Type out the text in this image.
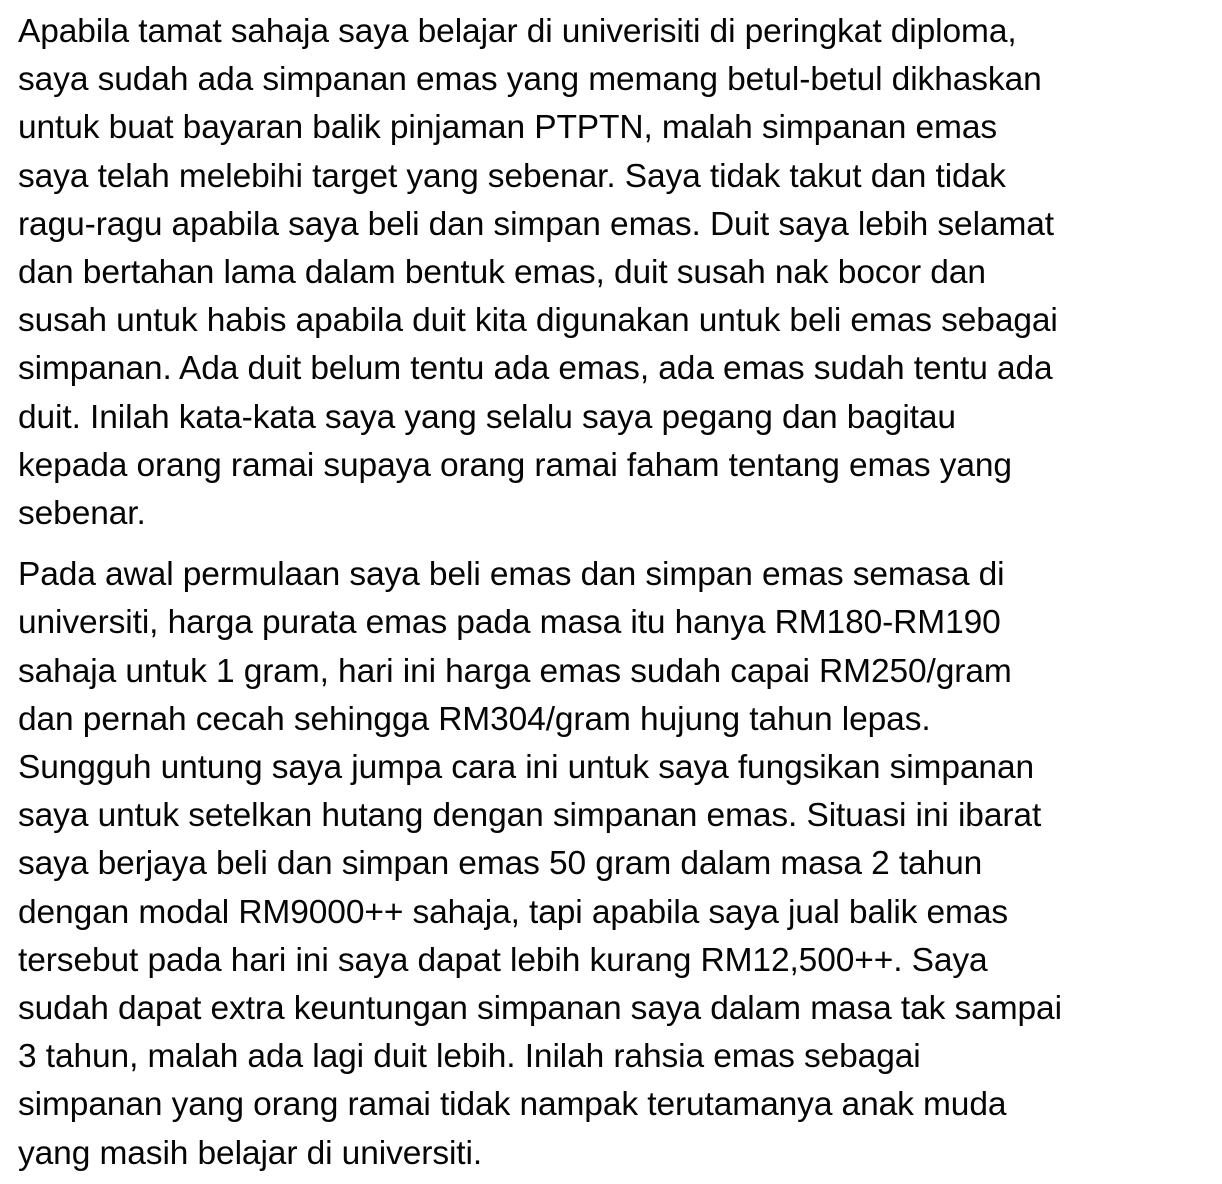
Apabila tamat sahaja saya belajar di univerisiti di peringkat diploma,
saya sudah ada simpanan emas yang memang betul-betul dikhaskan
untuk buat bayaran balik pinjaman PTPTN, malah simpanan emas
saya telah melebihi target yang sebenar. Saya tidak takut dan tidak
ragu-ragu apabila saya beli dan simpan emas. Duit saya lebih selamat
dan bertahan lama dalam bentuk emas, duit susah nak bocor dan
susah untuk habis apabila duit kita digunakan untuk beli emas sebagai
simpanan. Ada duit belum tentu ada emas, ada emas sudah tentu ada
duit. Inilah kata-kata saya yang selalu saya pegang dan bagitau
kepada orang ramai supaya orang ramai faham tentang emas yang
sebenar.

Pada awal permulaan saya beli emas dan simpan emas semasa di
universiti, harga purata emas pada masa itu hanya RM180-RM190
sahaja untuk 1 gram, hari ini harga emas sudah capai RM250/gram
dan pernah cecah sehingga RM304/gram hujung tahun lepas.
Sungguh untung saya jumpa cara ini untuk saya fungsikan simpanan
saya untuk setelkan hutang dengan simpanan emas. Situasi ini ibarat
saya berjaya beli dan simpan emas 50 gram dalam masa 2 tahun
dengan modal RM9000++ sahaja, tapi apabila saya jual balik emas
tersebut pada hari ini saya dapat lebih kurang RM12,500++. Saya
sudah dapat extra keuntungan simpanan saya dalam masa tak sampai
3 tahun, malah ada lagi duit lebih. Inilah rahsia emas sebagai
simpanan yang orang ramai tidak nampak terutamanya anak muda
yang masih belajar di universiti.
